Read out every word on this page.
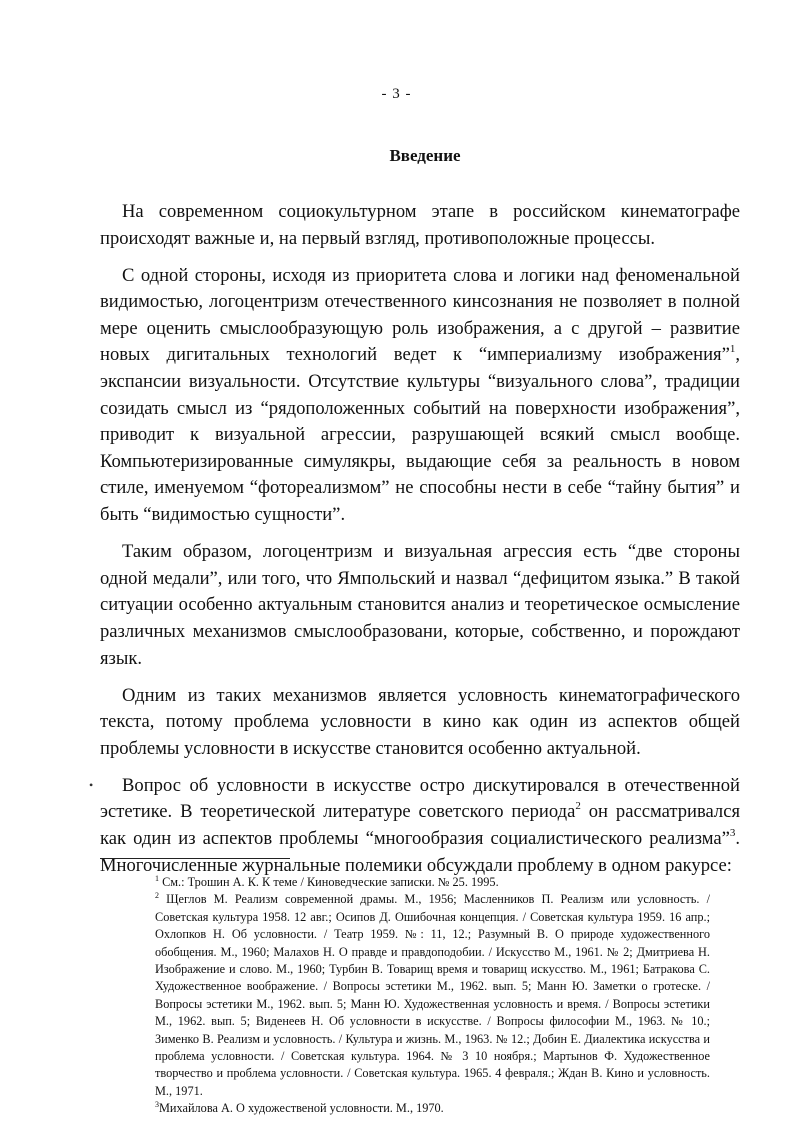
- 3 -
Введение

На современном социокультурном этапе в российском кинематографе происходят важные и, на первый взгляд, противоположные процессы.

С одной стороны, исходя из приоритета слова и логики над феноменальной видимостью, логоцентризм отечественного кинсознания не позволяет в полной мере оценить смыслообразующую роль изображения, а с другой – развитие новых дигитальных технологий ведет к “империализму изображения”$^1$, экспансии визуальности. Отсутствие культуры “визуального слова”, традиции созидать смысл из “рядоположенных событий на поверхности изображения”, приводит к визуальной агрессии, разрушающей всякий смысл вообще. Компьютеризированные симулякры, выдающие себя за реальность в новом стиле, именуемом “фотореализмом” не способны нести в себе “тайну бытия” и быть “видимостью сущности”.

Таким образом, логоцентризм и визуальная агрессия есть “две стороны одной медали”, или того, что Ямпольский и назвал “дефицитом языка.” В такой ситуации особенно актуальным становится анализ и теоретическое осмысление различных механизмов смыслообразовани, которые, собственно, и порождают язык.

Одним из таких механизмов является условность кинематографического текста, потому проблема условности в кино как один из аспектов общей проблемы условности в искусстве становится особенно актуальной.

Вопрос об условности в искусстве остро дискутировался в отечественной эстетике. В теоретической литературе советского периода$^2$ он рассматривался как один из аспектов проблемы “многообразия социалистического реализма”$^3$. Многочисленные журнальные полемики обсуждали проблему в одном ракурсе:

•

$^1$ См.: Трошин А. К. К теме / Киноведческие записки. № 25. 1995.

$^2$ Щеглов М. Реализм современной драмы. М., 1956; Масленников П. Реализм или условность. / Советская культура 1958. 12 авг.; Осипов Д. Ошибочная концепция. / Советская культура 1959. 16 апр.; Охлопков Н. Об условности. / Театр 1959. №: 11, 12.; Разумный В. О природе художественного обобщения. М., 1960; Малахов Н. О правде и правдоподобии. / Искусство М., 1961. № 2; Дмитриева Н. Изображение и слово. М., 1960; Турбин В. Товарищ время и товарищ искусство. М., 1961; Батракова С. Художественное воображение. / Вопросы эстетики М., 1962. вып. 5; Манн Ю. Заметки о гротеске. / Вопросы эстетики М., 1962. вып. 5; Манн Ю. Художественная условность и время. / Вопросы эстетики М., 1962. вып. 5; Виденеев Н. Об условности в искусстве. / Вопросы философии М., 1963. № 10.; Зименко В. Реализм и условность. / Культура и жизнь. М., 1963. № 12.; Добин Е. Диалектика искусства и проблема условности. / Советская культура. 1964. № 3 10 ноября.; Мартынов Ф. Художественное творчество и проблема условности. / Советская культура. 1965. 4 февраля.; Ждан В. Кино и условность. М., 1971.

$^3$Михайлова А. О художественой условности. М., 1970.
